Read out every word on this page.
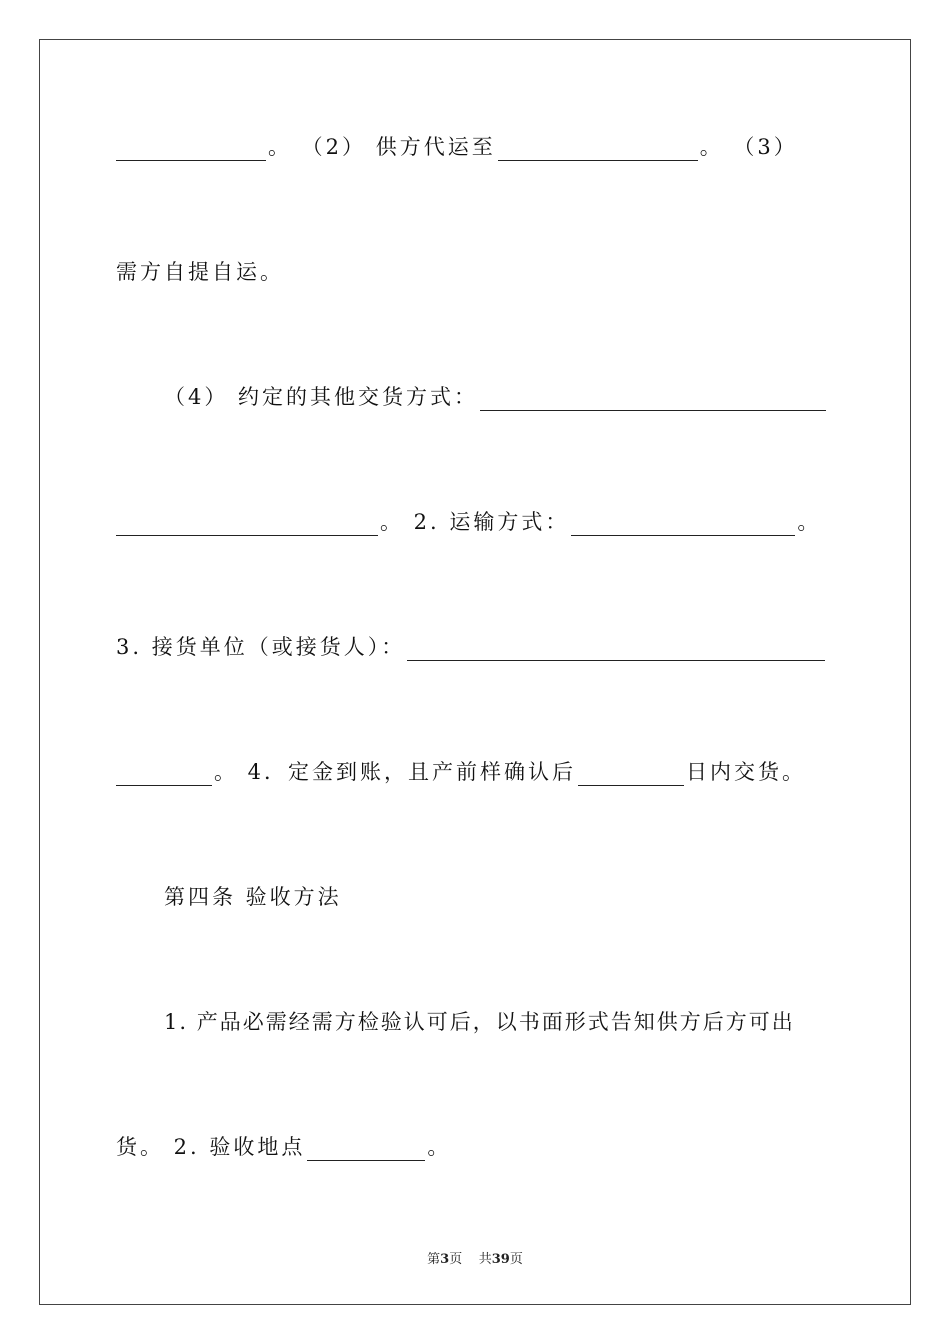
。 （2） 供方代运至	。 （3）
需方自提自运。
（4） 约定的其他交货方式：
。 2. 运输方式：	。
3. 接货单位（或接货人）：
。 4．定金到账，且产前样确认后	日内交货。
第四条 验收方法
1. 产品必需经需方检验认可后，以书面形式告知供方后方可出
货。 2. 验收地点	。
第3页 共39页
